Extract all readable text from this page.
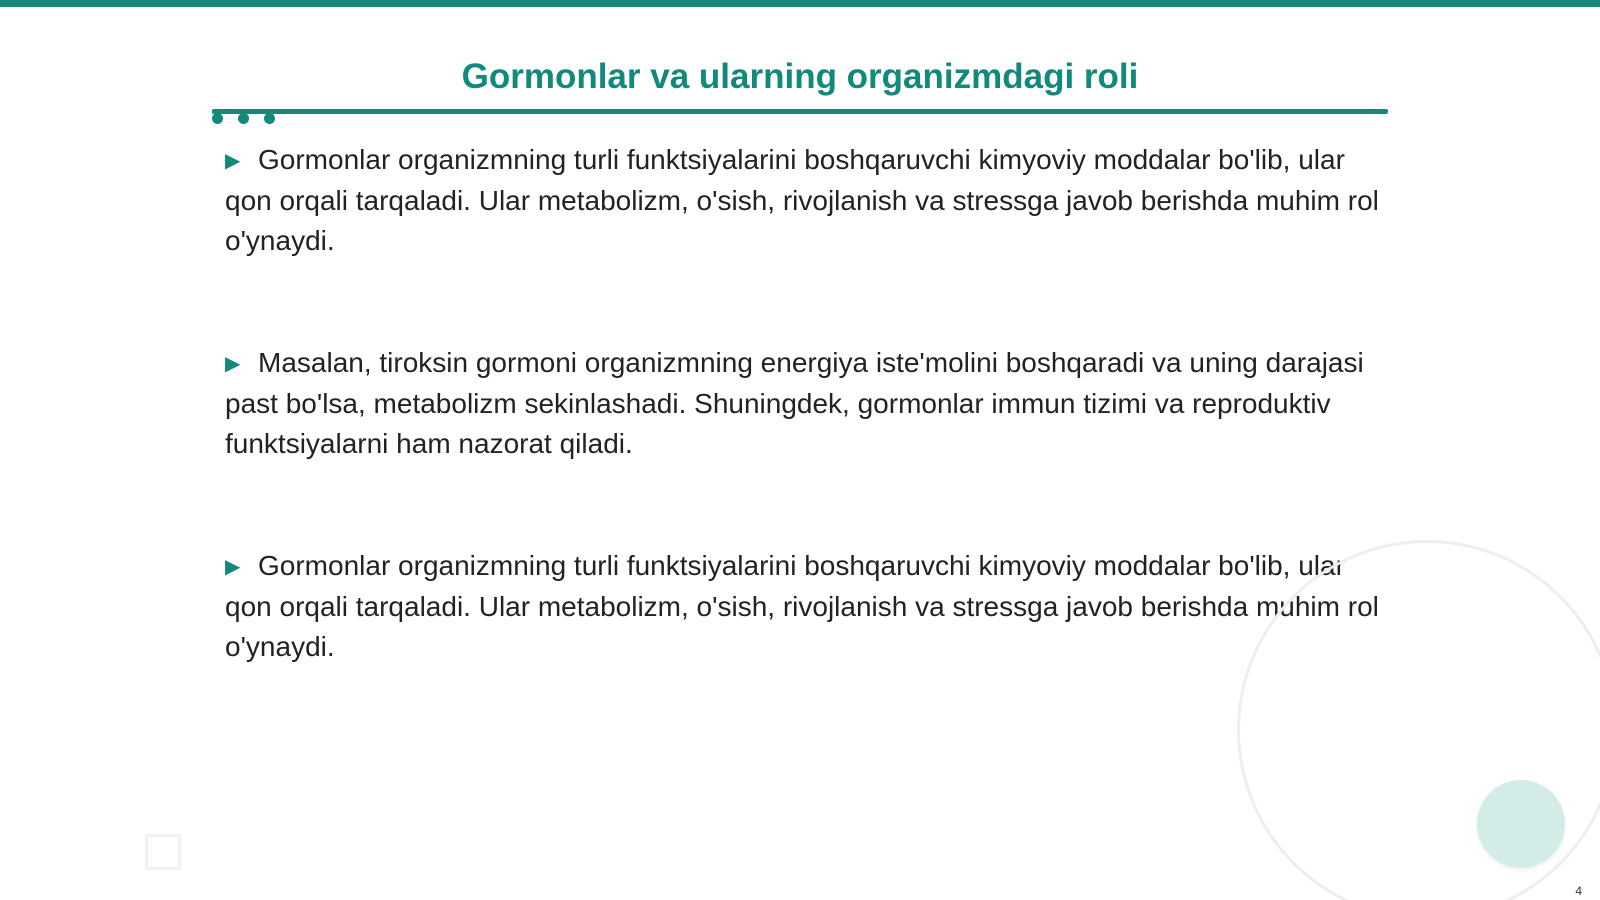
Gormonlar va ularning organizmdagi roli

▶ Gormonlar organizmning turli funktsiyalarini boshqaruvchi kimyoviy moddalar bo'lib, ular qon orqali tarqaladi. Ular metabolizm, o'sish, rivojlanish va stressga javob berishda muhim rol o'ynaydi.

▶ Masalan, tiroksin gormoni organizmning energiya iste'molini boshqaradi va uning darajasi past bo'lsa, metabolizm sekinlashadi. Shuningdek, gormonlar immun tizimi va reproduktiv funktsiyalarni ham nazorat qiladi.

▶ Gormonlar organizmning turli funktsiyalarini boshqaruvchi kimyoviy moddalar bo'lib, ular qon orqali tarqaladi. Ular metabolizm, o'sish, rivojlanish va stressga javob berishda muhim rol o'ynaydi.

4
